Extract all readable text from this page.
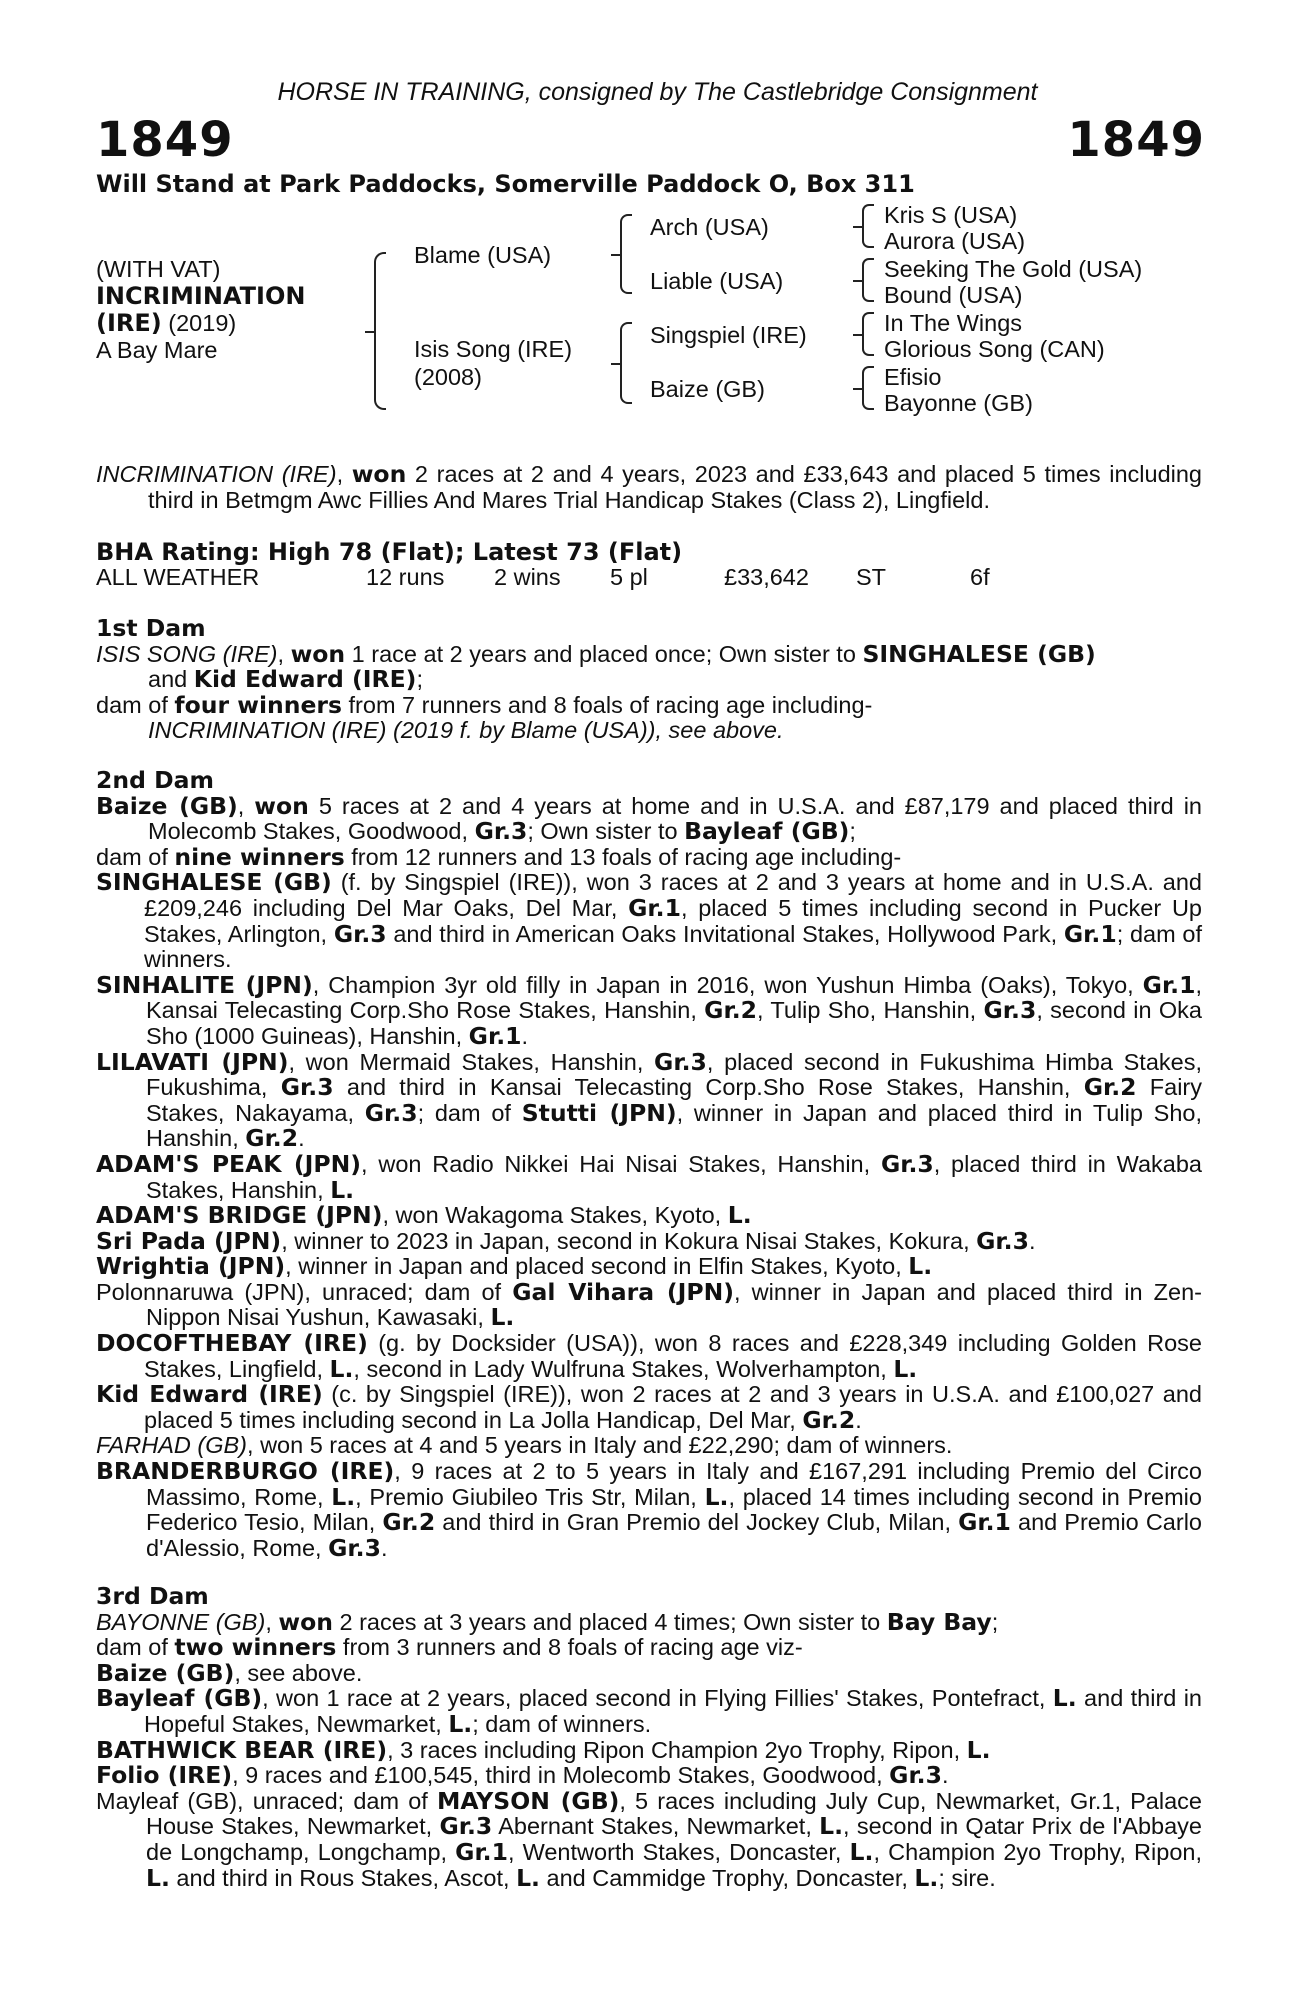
HORSE IN TRAINING, consigned by The Castlebridge Consignment
1849	1849
Will Stand at Park Paddocks, Somerville Paddock O, Box 311
(WITH VAT)
INCRIMINATION
(IRE) (2019)
A Bay Mare
Blame (USA)
Isis Song (IRE)
(2008)
Arch (USA)
Liable (USA)
Singspiel (IRE)
Baize (GB)
Kris S (USA)
Aurora (USA)
Seeking The Gold (USA)
Bound (USA)
In The Wings
Glorious Song (CAN)
Efisio
Bayonne (GB)

INCRIMINATION (IRE), won 2 races at 2 and 4 years, 2023 and £33,643 and placed 5 times including third in Betmgm Awc Fillies And Mares Trial Handicap Stakes (Class 2), Lingfield.

BHA Rating: High 78 (Flat); Latest 73 (Flat)
ALL WEATHER	12 runs 2 wins 5 pl	£33,642 ST	6f

1st Dam

ISIS SONG (IRE), won 1 race at 2 years and placed once; Own sister to SINGHALESE (GB)

and Kid Edward (IRE);

dam of four winners from 7 runners and 8 foals of racing age including-

INCRIMINATION (IRE) (2019 f. by Blame (USA)), see above.

2nd Dam

Baize (GB), won 5 races at 2 and 4 years at home and in U.S.A. and £87,179 and placed third in Molecomb Stakes, Goodwood, Gr.3; Own sister to Bayleaf (GB);

dam of nine winners from 12 runners and 13 foals of racing age including-

SINGHALESE (GB) (f. by Singspiel (IRE)), won 3 races at 2 and 3 years at home and in U.S.A. and £209,246 including Del Mar Oaks, Del Mar, Gr.1, placed 5 times including second in Pucker Up Stakes, Arlington, Gr.3 and third in American Oaks Invitational Stakes, Hollywood Park, Gr.1; dam of winners.

SINHALITE (JPN), Champion 3yr old filly in Japan in 2016, won Yushun Himba (Oaks), Tokyo, Gr.1, Kansai Telecasting Corp.Sho Rose Stakes, Hanshin, Gr.2, Tulip Sho, Hanshin, Gr.3, second in Oka Sho (1000 Guineas), Hanshin, Gr.1.

LILAVATI (JPN), won Mermaid Stakes, Hanshin, Gr.3, placed second in Fukushima Himba Stakes, Fukushima, Gr.3 and third in Kansai Telecasting Corp.Sho Rose Stakes, Hanshin, Gr.2 Fairy Stakes, Nakayama, Gr.3; dam of Stutti (JPN), winner in Japan and placed third in Tulip Sho, Hanshin, Gr.2.

ADAM'S PEAK (JPN), won Radio Nikkei Hai Nisai Stakes, Hanshin, Gr.3, placed third in Wakaba Stakes, Hanshin, L.

ADAM'S BRIDGE (JPN), won Wakagoma Stakes, Kyoto, L.

Sri Pada (JPN), winner to 2023 in Japan, second in Kokura Nisai Stakes, Kokura, Gr.3.

Wrightia (JPN), winner in Japan and placed second in Elfin Stakes, Kyoto, L.

Polonnaruwa (JPN), unraced; dam of Gal Vihara (JPN), winner in Japan and placed third in Zen-Nippon Nisai Yushun, Kawasaki, L.

DOCOFTHEBAY (IRE) (g. by Docksider (USA)), won 8 races and £228,349 including Golden Rose Stakes, Lingfield, L., second in Lady Wulfruna Stakes, Wolverhampton, L.

Kid Edward (IRE) (c. by Singspiel (IRE)), won 2 races at 2 and 3 years in U.S.A. and £100,027 and placed 5 times including second in La Jolla Handicap, Del Mar, Gr.2.

FARHAD (GB), won 5 races at 4 and 5 years in Italy and £22,290; dam of winners.

BRANDERBURGO (IRE), 9 races at 2 to 5 years in Italy and £167,291 including Premio del Circo Massimo, Rome, L., Premio Giubileo Tris Str, Milan, L., placed 14 times including second in Premio Federico Tesio, Milan, Gr.2 and third in Gran Premio del Jockey Club, Milan, Gr.1 and Premio Carlo d'Alessio, Rome, Gr.3.

3rd Dam

BAYONNE (GB), won 2 races at 3 years and placed 4 times; Own sister to Bay Bay;

dam of two winners from 3 runners and 8 foals of racing age viz-

Baize (GB), see above.

Bayleaf (GB), won 1 race at 2 years, placed second in Flying Fillies' Stakes, Pontefract, L. and third in Hopeful Stakes, Newmarket, L.; dam of winners.

BATHWICK BEAR (IRE), 3 races including Ripon Champion 2yo Trophy, Ripon, L.

Folio (IRE), 9 races and £100,545, third in Molecomb Stakes, Goodwood, Gr.3.

Mayleaf (GB), unraced; dam of MAYSON (GB), 5 races including July Cup, Newmarket, Gr.1, Palace House Stakes, Newmarket, Gr.3 Abernant Stakes, Newmarket, L., second in Qatar Prix de l'Abbaye de Longchamp, Longchamp, Gr.1, Wentworth Stakes, Doncaster, L., Champion 2yo Trophy, Ripon, L. and third in Rous Stakes, Ascot, L. and Cammidge Trophy, Doncaster, L.; sire.
